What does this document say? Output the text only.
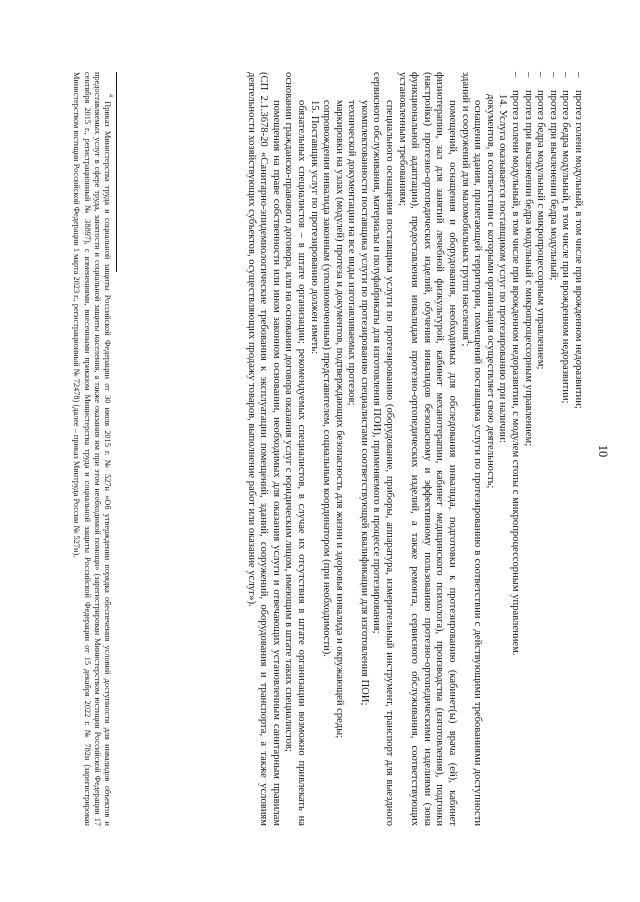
10

–
протез голени модульный, в том числе при врожденном недоразвитии;

–
протез бедра модульный, в том числе при врожденном недоразвитии;

–
протез при вычленении бедра модульный;

–
протез бедра модульный с микропроцессорным управлением;

–
протез при вычленении бедра модульный с микропроцессорным управлением;

–
протез голени модульный, в том числе при врожденном недоразвитии, с модулем стопы с микропроцессорным управлением.

14. Услуга оказывается поставщиком услуг по протезированию при наличии:

документов, в соответствии с которыми организация осуществляет свою деятельность;

оснащения здания, прилегающей территории, помещений поставщика услуги по протезированию в соответствии с действующими требованиями доступности зданий и сооружений для маломобильных групп населения$^4$;

помещений, оснащения и оборудования, необходимых для обследования инвалида, подготовки к протезированию (кабинет(ы) врача (ей), кабинет физиотерапии, зал для занятий лечебной физкультурой, кабинет механотерапии, кабинет медицинского психолога), производства (изготовления), подгонки (настройки) протезно-ортопедических изделий, обучения инвалидов безопасному и эффективному пользованию протезно-ортопедическими изделиями (зона функциональной адаптации), предоставления инвалидам протезно-ортопедических изделий, а также ремонта, сервисного обслуживания, соответствующих установленным требованиям;

специального оснащения поставщика услуги по протезированию (оборудование, приборы, аппаратура, измерительный инструмент, транспорт для выездного сервисного обслуживания, материалы и полуфабрикаты для изготовления ПОИ), применяемого в процессе протезирования;

укомплектованности поставщика услуги по протезированию специалистами соответствующей квалификации для изготовления ПОИ;

технической документации на все виды изготавливаемых протезов;

маркировки на узлах (модулей) протеза и документов, подтверждающих безопасность для жизни и здоровья инвалида и окружающей среды;

сопровождения инвалида законным (уполномоченным) представителем, социальным координатором (при необходимости).

15. Поставщик услуг по протезированию должен иметь:

обязательных специалистов – в штате организации; рекомендуемых специалистов, в случае их отсутствия в штате организации возможно привлекать на основании гражданско-правового договора, или на основании договора оказания услуг с юридическим лицом, имеющим в штате таких специалистов;

помещения на праве собственности или ином законном основании, необходимых для оказания услуги и отвечающих установленным санитарным правилам (СП 2.1.3678-20 «Санитарно-эпидемиологические требования к эксплуатации помещений, зданий, сооружений, оборудования и транспорта, а также условиям деятельности хозяйствующих субъектов, осуществляющих продажу товаров, выполнение работ или оказание услуг»).

$^4$ Приказ Министерства труда и социальной защиты Российской Федерации от 30 июля 2015 г. № 527н «Об утверждении порядка обеспечения условий доступности для инвалидов объектов и предоставляемых услуг в сфере труда, занятости и социальной защиты населения, а также оказания им при этом необходимой помощи» (зарегистрирован Министерством юстиции Российской Федерации 17 сентября 2015 г., регистрационный № 38897), с изменениями, внесенными приказом Министерства труда и социальной защиты Российской Федерации от 15 декабря 2022 г. № 782н (зарегистрирован Министерством юстиции Российской Федерации 1 марта 2023 г., регистрационный № 72478) (далее – приказ Минтруда России № 527н).
